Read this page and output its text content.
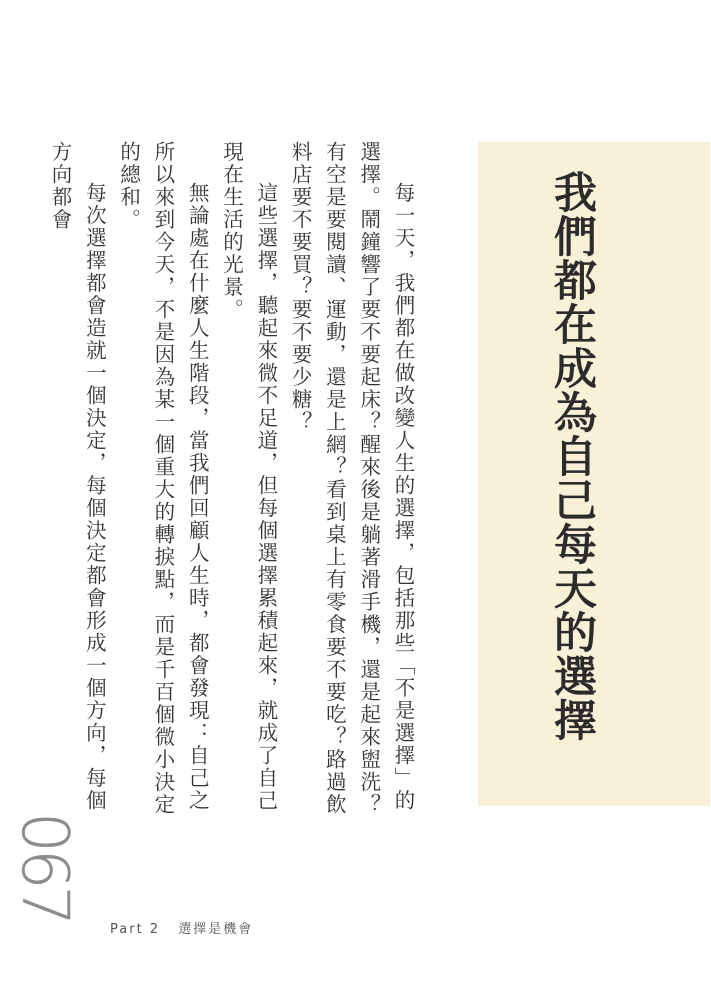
我們都在成為自己每天的選擇

每一天，我們都在做改變人生的選擇，包括那些「不是選擇」的選擇。鬧鐘響了要不要起床？醒來後是躺著滑手機，還是起來盥洗？有空是要閱讀、運動，還是上網？看到桌上有零食要不要吃？路過飲料店要不要買？要不要少糖？

這些選擇，聽起來微不足道，但每個選擇累積起來，就成了自己現在生活的光景。

無論處在什麼人生階段，當我們回顧人生時，都會發現：自己之所以來到今天，不是因為某一個重大的轉捩點，而是千百個微小決定的總和。

每次選擇都會造就一個決定，每個決定都會形成一個方向，每個方向都會

Part 2 選擇是機會
067
